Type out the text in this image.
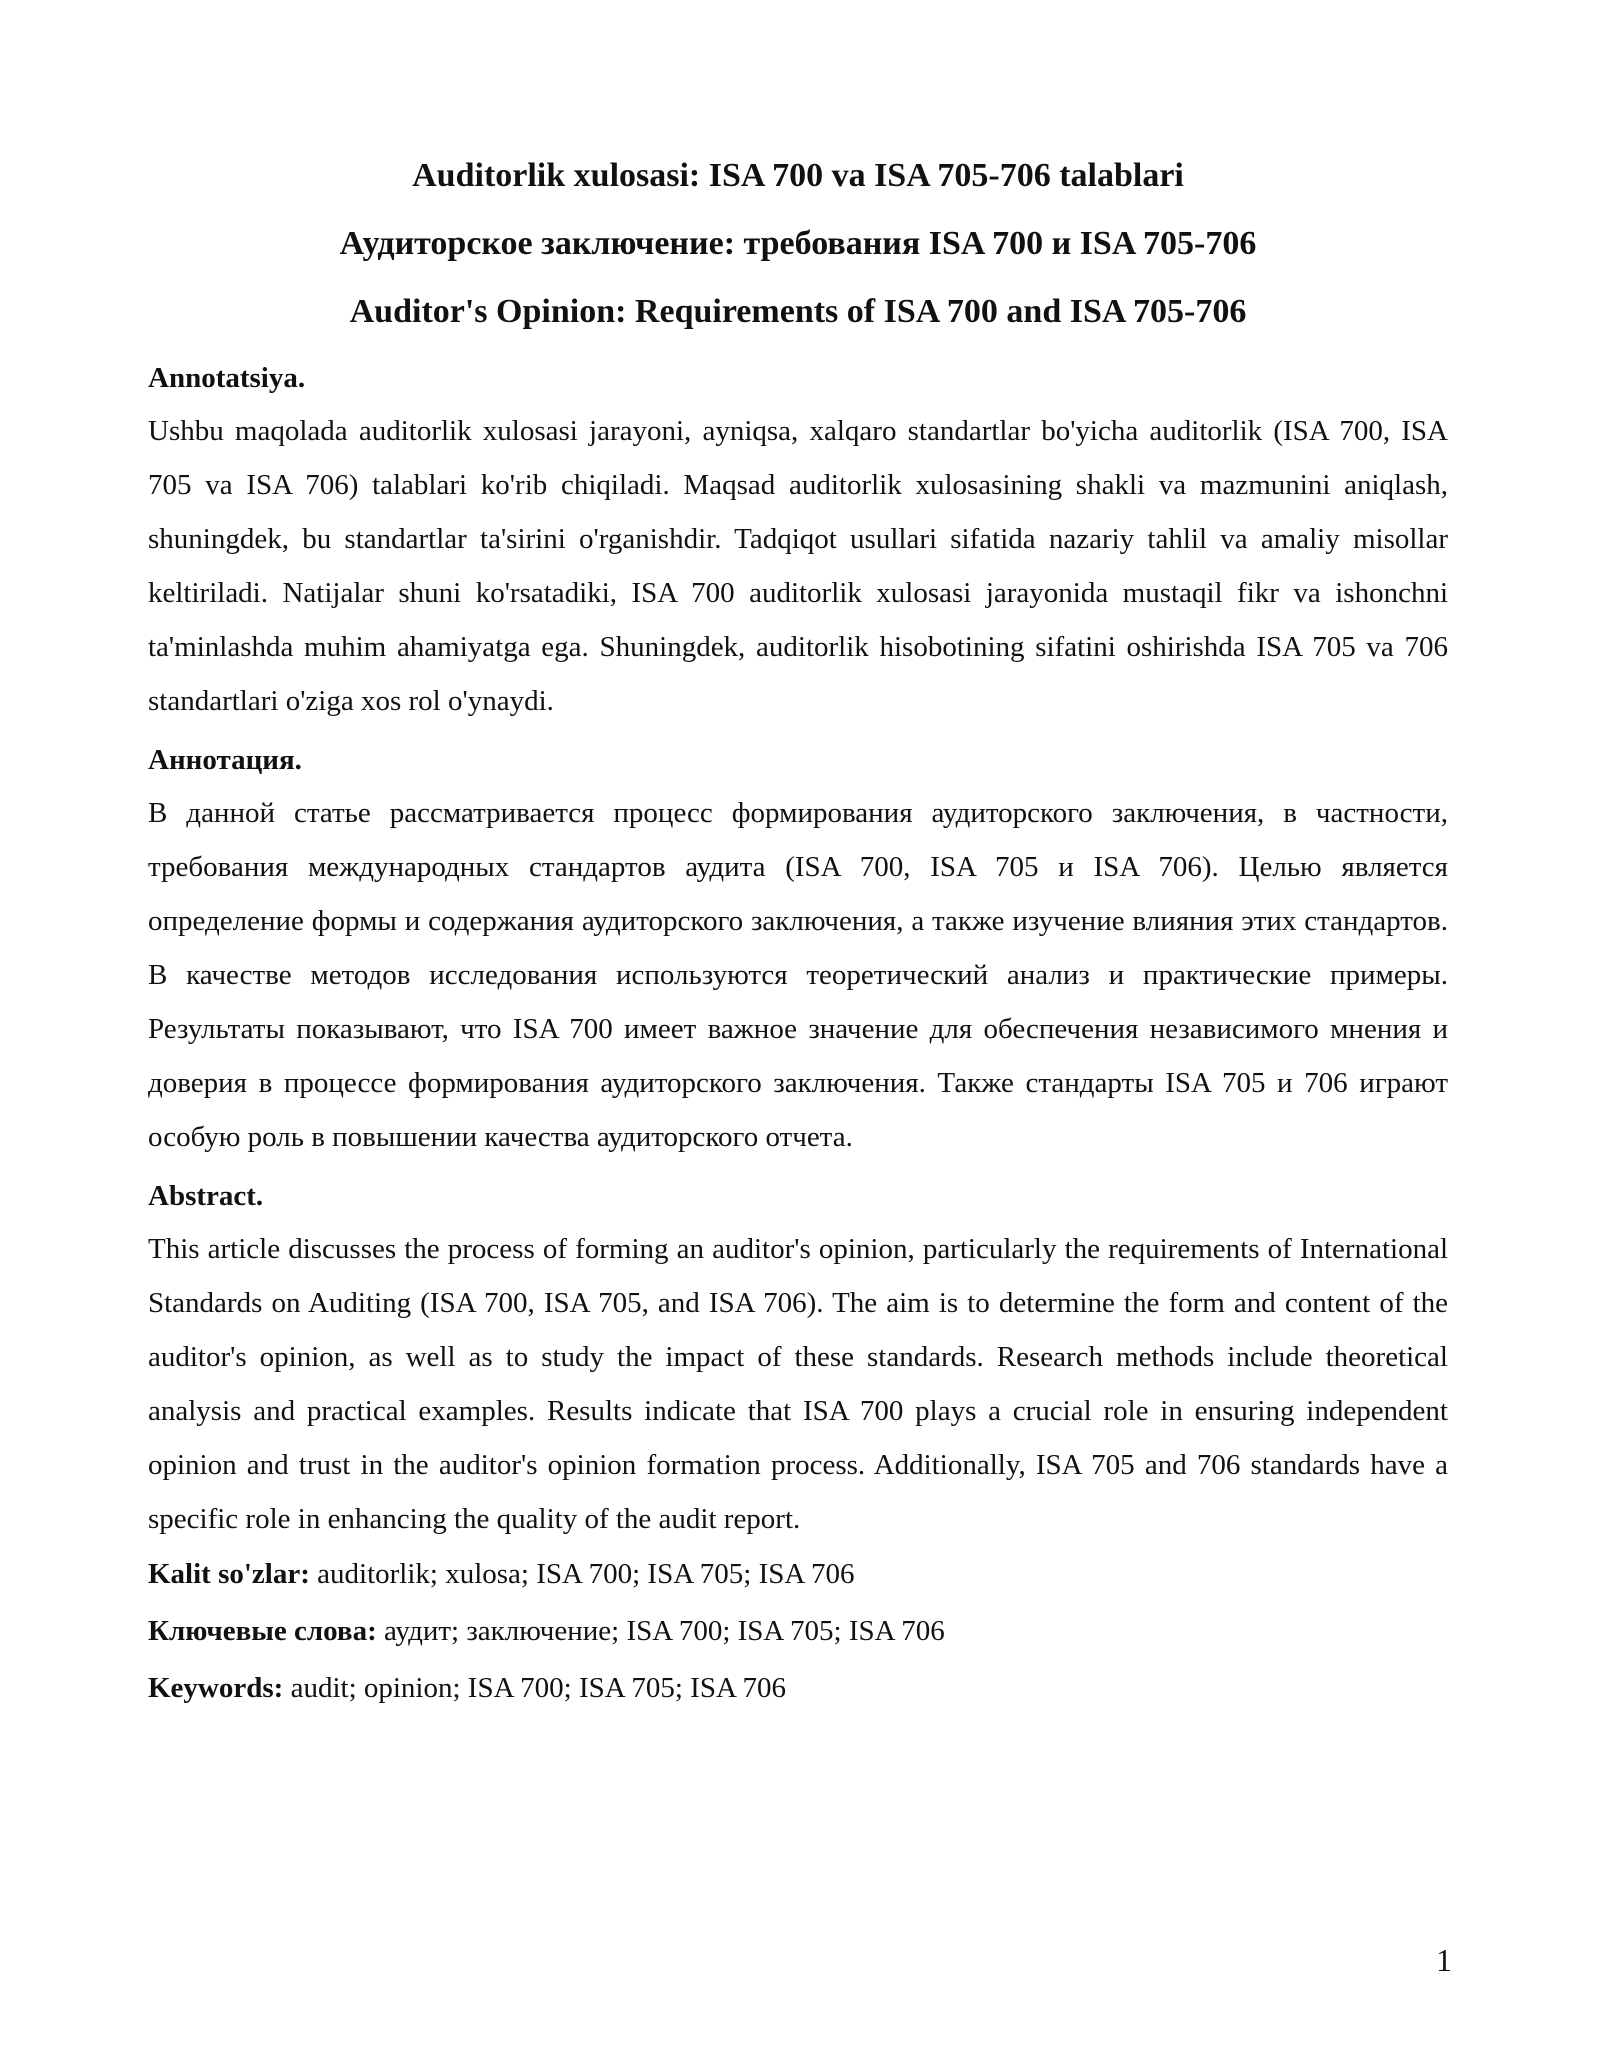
Auditorlik xulosasi: ISA 700 va ISA 705-706 talablari
Аудиторское заключение: требования ISA 700 и ISA 705-706
Auditor's Opinion: Requirements of ISA 700 and ISA 705-706

Annotatsiya.

Ushbu maqolada auditorlik xulosasi jarayoni, ayniqsa, xalqaro standartlar bo'yicha auditorlik (ISA 700, ISA 705 va ISA 706) talablari ko'rib chiqiladi. Maqsad auditorlik xulosasining shakli va mazmunini aniqlash, shuningdek, bu standartlar ta'sirini o'rganishdir. Tadqiqot usullari sifatida nazariy tahlil va amaliy misollar keltiriladi. Natijalar shuni ko'rsatadiki, ISA 700 auditorlik xulosasi jarayonida mustaqil fikr va ishonchni ta'minlashda muhim ahamiyatga ega. Shuningdek, auditorlik hisobotining sifatini oshirishda ISA 705 va 706 standartlari o'ziga xos rol o'ynaydi.

Аннотация.

В данной статье рассматривается процесс формирования аудиторского заключения, в частности, требования международных стандартов аудита (ISA 700, ISA 705 и ISA 706). Целью является определение формы и содержания аудиторского заключения, а также изучение влияния этих стандартов. В качестве методов исследования используются теоретический анализ и практические примеры. Результаты показывают, что ISA 700 имеет важное значение для обеспечения независимого мнения и доверия в процессе формирования аудиторского заключения. Также стандарты ISA 705 и 706 играют особую роль в повышении качества аудиторского отчета.

Abstract.

This article discusses the process of forming an auditor's opinion, particularly the requirements of International Standards on Auditing (ISA 700, ISA 705, and ISA 706). The aim is to determine the form and content of the auditor's opinion, as well as to study the impact of these standards. Research methods include theoretical analysis and practical examples. Results indicate that ISA 700 plays a crucial role in ensuring independent opinion and trust in the auditor's opinion formation process. Additionally, ISA 705 and 706 standards have a specific role in enhancing the quality of the audit report.

Kalit so'zlar: auditorlik; xulosa; ISA 700; ISA 705; ISA 706

Ключевые слова: аудит; заключение; ISA 700; ISA 705; ISA 706

Keywords: audit; opinion; ISA 700; ISA 705; ISA 706

1
